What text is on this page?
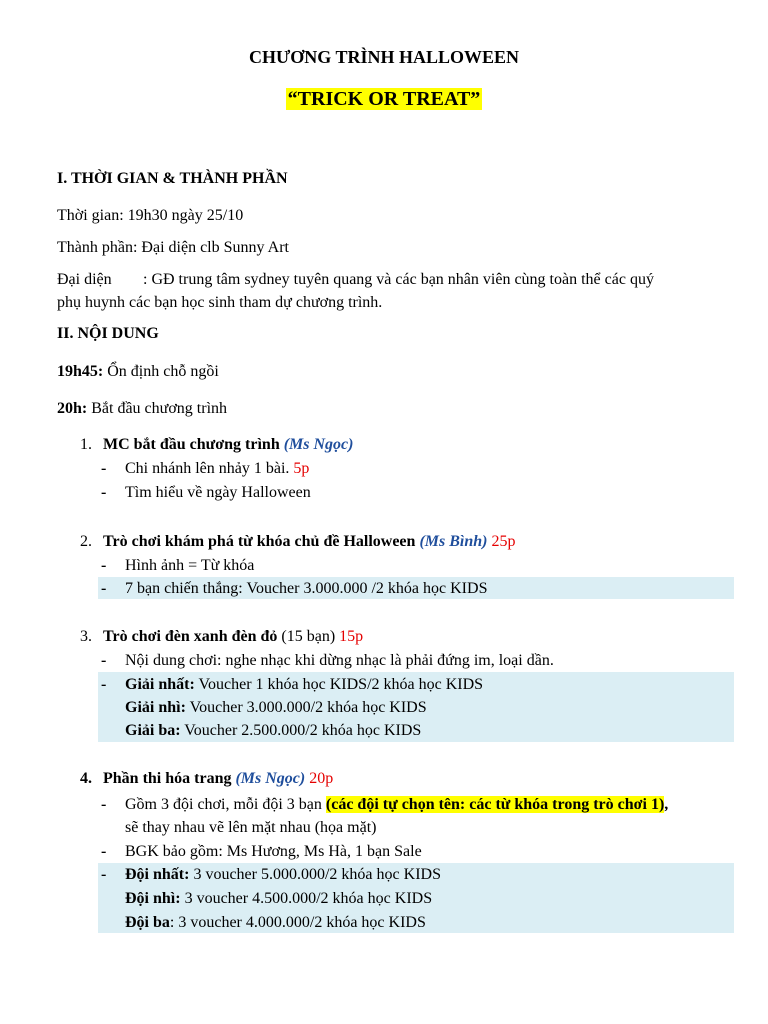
CHƯƠNG TRÌNH HALLOWEEN
“TRICK OR TREAT”
I. THỜI GIAN & THÀNH PHẦN
Thời gian: 19h30 ngày 25/10
Thành phần: Đại diện clb Sunny Art
Đại diện : GĐ trung tâm sydney tuyên quang và các bạn nhân viên cùng toàn thể các quý
phụ huynh các bạn học sinh tham dự chương trình.
II. NỘI DUNG
19h45: Ổn định chỗ ngồi
20h: Bắt đầu chương trình
1. MC bắt đầu chương trình (Ms Ngọc)
- Chi nhánh lên nhảy 1 bài. 5p
- Tìm hiểu về ngày Halloween
2. Trò chơi khám phá từ khóa chủ đề Halloween (Ms Bình) 25p
- Hình ảnh = Từ khóa
- 7 bạn chiến thắng: Voucher 3.000.000 /2 khóa học KIDS
3. Trò chơi đèn xanh đèn đỏ (15 bạn) 15p
- Nội dung chơi: nghe nhạc khi dừng nhạc là phải đứng im, loại dần.
- Giải nhất: Voucher 1 khóa học KIDS/2 khóa học KIDS
Giải nhì: Voucher 3.000.000/2 khóa học KIDS
Giải ba: Voucher 2.500.000/2 khóa học KIDS
4. Phần thi hóa trang (Ms Ngọc) 20p
- Gồm 3 đội chơi, mỗi đội 3 bạn (các đội tự chọn tên: các từ khóa trong trò chơi 1),
sẽ thay nhau vẽ lên mặt nhau (họa mặt)
- BGK bảo gồm: Ms Hương, Ms Hà, 1 bạn Sale
- Đội nhất: 3 voucher 5.000.000/2 khóa học KIDS
Đội nhì: 3 voucher 4.500.000/2 khóa học KIDS
Đội ba: 3 voucher 4.000.000/2 khóa học KIDS
